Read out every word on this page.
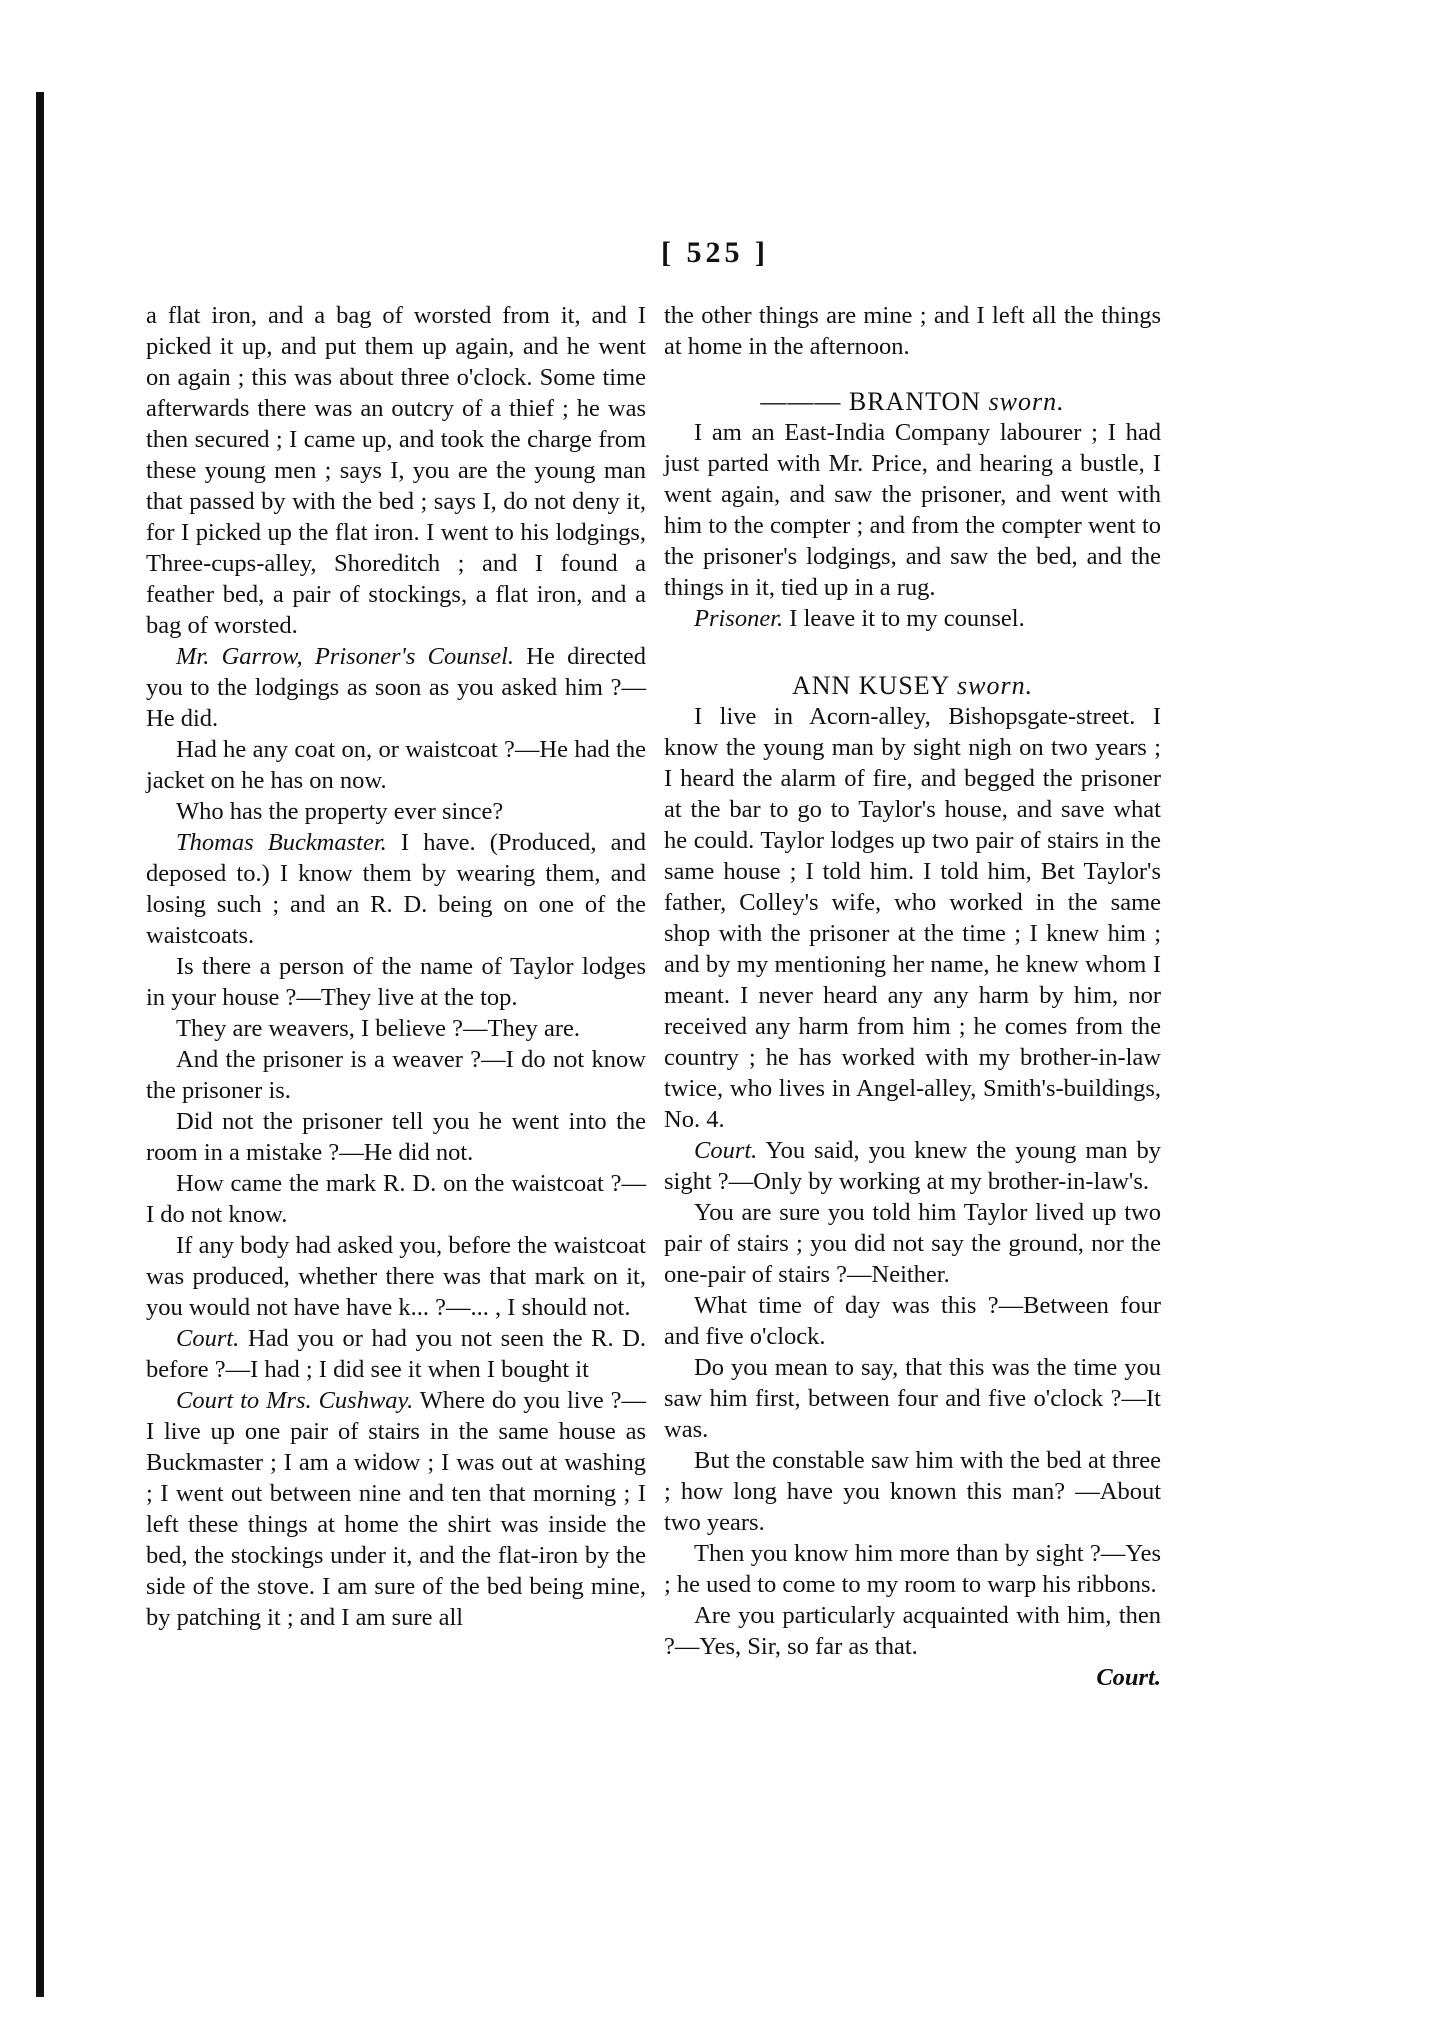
[ 525 ]

a flat iron, and a bag of worsted from it, and I picked it up, and put them up again, and he went on again ; this was about three o'clock. Some time afterwards there was an outcry of a thief ; he was then secured ; I came up, and took the charge from these young men ; says I, you are the young man that passed by with the bed ; says I, do not deny it, for I picked up the flat iron. I went to his lodgings, Three-cups-alley, Shoreditch ; and I found a feather bed, a pair of stockings, a flat iron, and a bag of worsted.

Mr. Garrow, Prisoner's Counsel. He directed you to the lodgings as soon as you asked him ?—He did.

Had he any coat on, or waistcoat ?—He had the jacket on he has on now.

Who has the property ever since?

Thomas Buckmaster. I have. (Produced, and deposed to.) I know them by wearing them, and losing such ; and an R. D. being on one of the waistcoats.

Is there a person of the name of Taylor lodges in your house ?—They live at the top.

They are weavers, I believe ?—They are.

And the prisoner is a weaver ?—I do not know the prisoner is.

Did not the prisoner tell you he went into the room in a mistake ?—He did not.

How came the mark R. D. on the waistcoat ?—I do not know.

If any body had asked you, before the waistcoat was produced, whether there was that mark on it, you would not have have k... ?—... , I should not.

Court. Had you or had you not seen the R. D. before ?—I had ; I did see it when I bought it

Court to Mrs. Cushway. Where do you live ?—I live up one pair of stairs in the same house as Buckmaster ; I am a widow ; I was out at washing ; I went out between nine and ten that morning ; I left these things at home the shirt was inside the bed, the stockings under it, and the flat-iron by the side of the stove. I am sure of the bed being mine, by patching it ; and I am sure all

the other things are mine ; and I left all the things at home in the afternoon.

——— BRANTON sworn.

I am an East-India Company labourer ; I had just parted with Mr. Price, and hearing a bustle, I went again, and saw the prisoner, and went with him to the compter ; and from the compter went to the prisoner's lodgings, and saw the bed, and the things in it, tied up in a rug.

Prisoner. I leave it to my counsel.

ANN KUSEY sworn.

I live in Acorn-alley, Bishopsgate-street. I know the young man by sight nigh on two years ; I heard the alarm of fire, and begged the prisoner at the bar to go to Taylor's house, and save what he could. Taylor lodges up two pair of stairs in the same house ; I told him. I told him, Bet Taylor's father, Colley's wife, who worked in the same shop with the prisoner at the time ; I knew him ; and by my mentioning her name, he knew whom I meant. I never heard any any harm by him, nor received any harm from him ; he comes from the country ; he has worked with my brother-in-law twice, who lives in Angel-alley, Smith's-buildings, No. 4.

Court. You said, you knew the young man by sight ?—Only by working at my brother-in-law's.

You are sure you told him Taylor lived up two pair of stairs ; you did not say the ground, nor the one-pair of stairs ?—Neither.

What time of day was this ?—Between four and five o'clock.

Do you mean to say, that this was the time you saw him first, between four and five o'clock ?—It was.

But the constable saw him with the bed at three ; how long have you known this man? —About two years.

Then you know him more than by sight ?—Yes ; he used to come to my room to warp his ribbons.

Are you particularly acquainted with him, then ?—Yes, Sir, so far as that.

Court.
